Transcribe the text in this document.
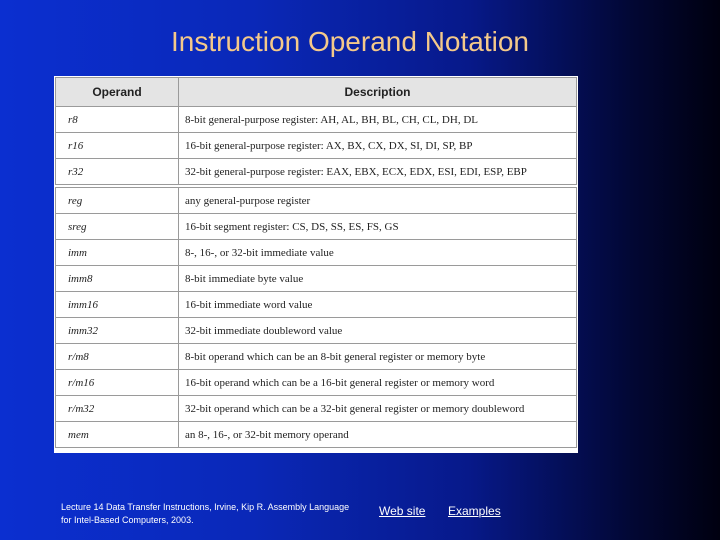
Instruction Operand Notation
Operand	Description
r8	8-bit general-purpose register: AH, AL, BH, BL, CH, CL, DH, DL
r16	16-bit general-purpose register: AX, BX, CX, DX, SI, DI, SP, BP
r32	32-bit general-purpose register: EAX, EBX, ECX, EDX, ESI, EDI, ESP, EBP
reg	any general-purpose register
sreg	16-bit segment register: CS, DS, SS, ES, FS, GS
imm	8-, 16-, or 32-bit immediate value
imm8	8-bit immediate byte value
imm16	16-bit immediate word value
imm32	32-bit immediate doubleword value
r/m8	8-bit operand which can be an 8-bit general register or memory byte
r/m16	16-bit operand which can be a 16-bit general register or memory word
r/m32	32-bit operand which can be a 32-bit general register or memory doubleword
mem	an 8-, 16-, or 32-bit memory operand
Lecture 14 Data Transfer Instructions, Irvine, Kip R. Assembly Language for Intel-Based Computers, 2003.
Web site Examples
